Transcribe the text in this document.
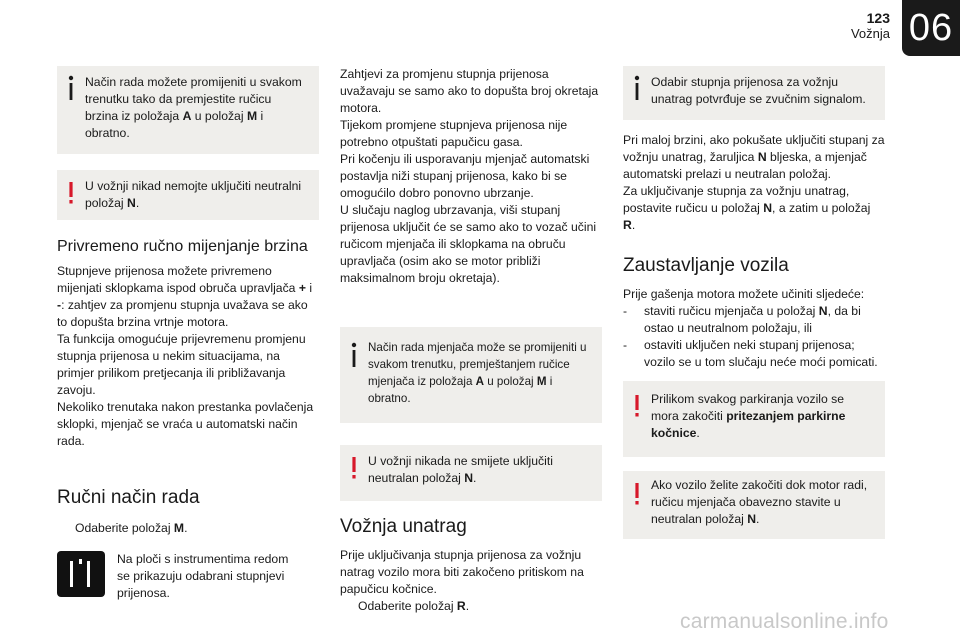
123
Vožnja 06
Način rada možete promijeniti u svakom trenutku tako da premjestite ručicu brzina iz položaja A u položaj M i obratno.
U vožnji nikad nemojte uključiti neutralni položaj N.
Privremeno ručno mijenjanje brzina

Stupnjeve prijenosa možete privremeno mijenjati sklopkama ispod obruča upravljača + i -: zahtjev za promjenu stupnja uvažava se ako to dopušta brzina vrtnje motora.

Ta funkcija omogućuje prijevremenu promjenu stupnja prijenosa u nekim situacijama, na primjer prilikom pretjecanja ili približavanja zavoju.

Nekoliko trenutaka nakon prestanka povlačenja sklopki, mjenjač se vraća u automatski način rada.

Ručni način rada
Odaberite položaj M.

Na ploči s instrumentima redom se prikazuju odabrani stupnjevi prijenosa.

Zahtjevi za promjenu stupnja prijenosa uvažavaju se samo ako to dopušta broj okretaja motora.

Tijekom promjene stupnjeva prijenosa nije potrebno otpuštati papučicu gasa.

Pri kočenju ili usporavanju mjenjač automatski postavlja niži stupanj prijenosa, kako bi se omogućilo dobro ponovno ubrzanje.

U slučaju naglog ubrzavanja, viši stupanj prijenosa uključit će se samo ako to vozač učini ručicom mjenjača ili sklopkama na obruču upravljača (osim ako se motor približi maksimalnom broju okretaja).

Način rada mjenjača može se promijeniti u svakom trenutku, premještanjem ručice mjenjača iz položaja A u položaj M i obratno.
U vožnji nikada ne smijete uključiti neutralan položaj N.
Vožnja unatrag

Prije uključivanja stupnja prijenosa za vožnju natrag vozilo mora biti zakočeno pritiskom na papučicu kočnice.

Odaberite položaj R.
Odabir stupnja prijenosa za vožnju unatrag potvrđuje se zvučnim signalom.

Pri maloj brzini, ako pokušate uključiti stupanj za vožnju unatrag, žaruljica N bljeska, a mjenjač automatski prelazi u neutralan položaj.

Za uključivanje stupnja za vožnju unatrag, postavite ručicu u položaj N, a zatim u položaj R.

Zaustavljanje vozila

Prije gašenja motora možete učiniti sljedeće:

-	staviti ručicu mjenjača u položaj N, da bi ostao u neutralnom položaju, ili
-	ostaviti uključen neki stupanj prijenosa; vozilo se u tom slučaju neće moći pomicati.
Prilikom svakog parkiranja vozilo se mora zakočiti pritezanjem parkirne kočnice.
Ako vozilo želite zakočiti dok motor radi, ručicu mjenjača obavezno stavite u neutralan položaj N.
carmanualsonline.info
